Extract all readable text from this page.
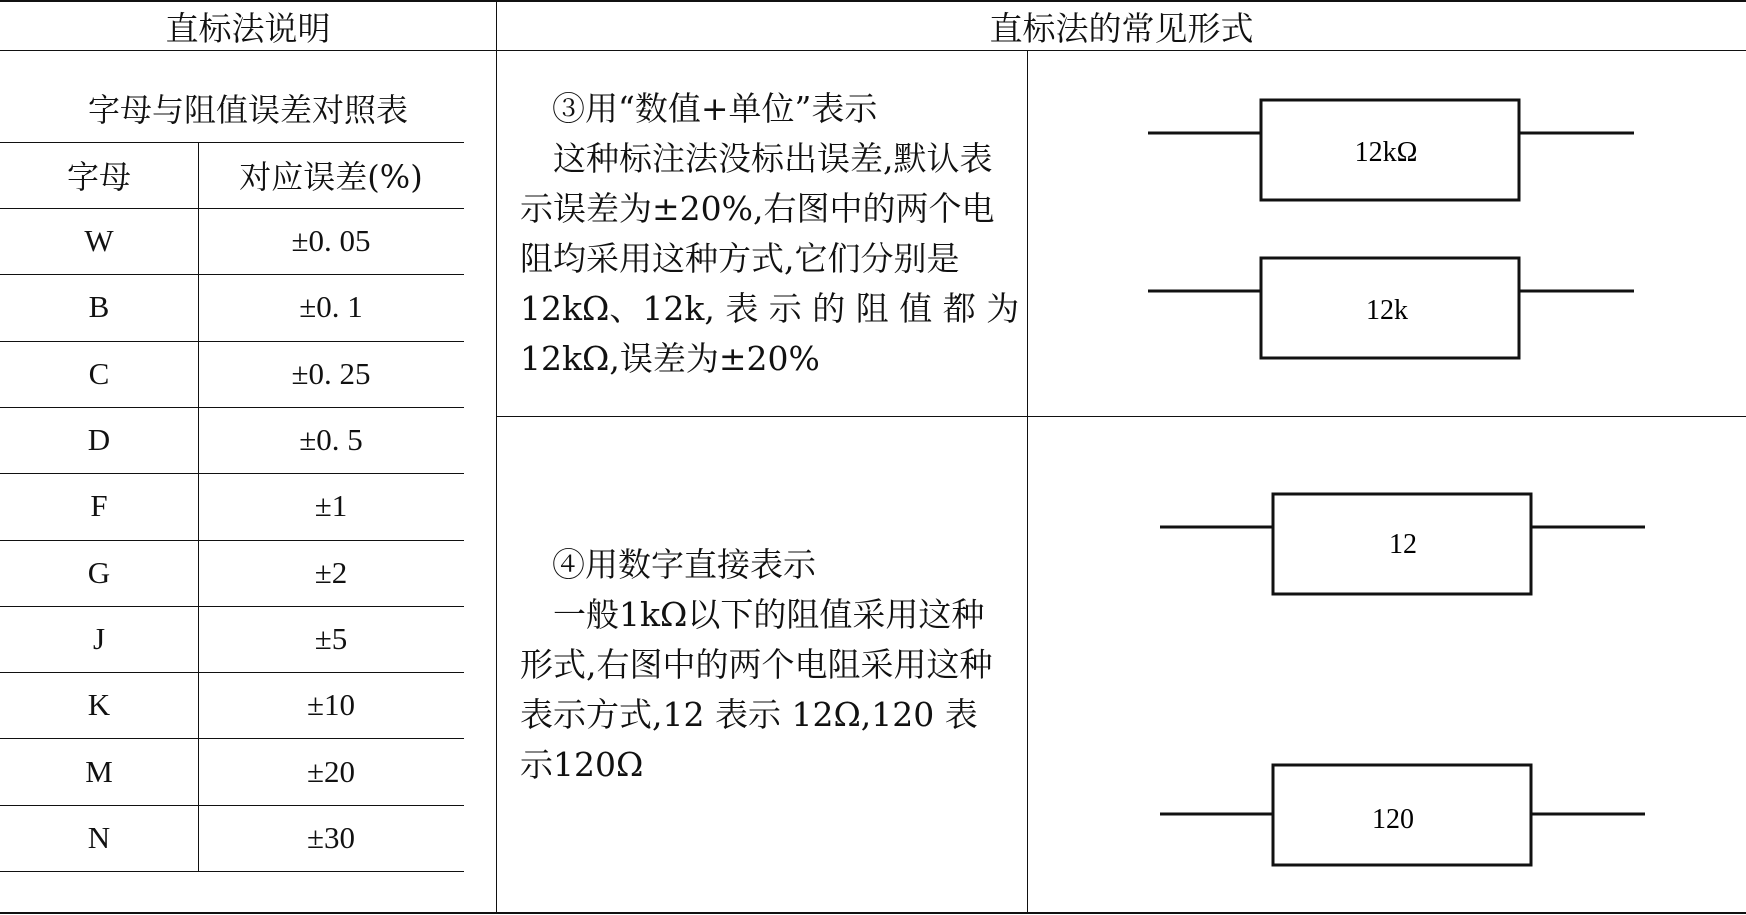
直标法说明	直标法的常见形式
字母与阻值误差对照表
字母	对应误差(%)
W	±0. 05
B	±0. 1
C	±0. 25
D	±0. 5
F	±1
G	±2
J	±5
K	±10
M	±20
N	±30
③用“数值+单位”表示
这种标注法没标出误差,默认表
示误差为±20%,右图中的两个电
阻均采用这种方式,它们分别是
12kΩ、12k, 表 示 的 阻 值 都 为
12kΩ,误差为±20%
④用数字直接表示
一般1kΩ以下的阻值采用这种
形式,右图中的两个电阻采用这种
表示方式,12 表示 12Ω,120 表
示120Ω
12kΩ
12k
12
120
